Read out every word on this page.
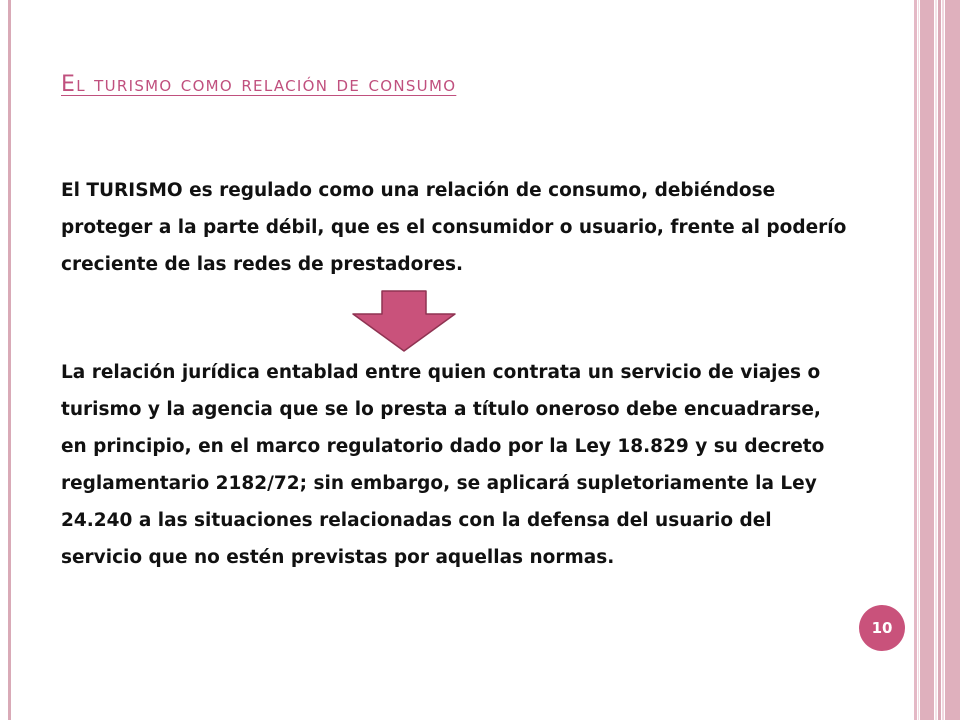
El turismo como relación de consumo

El TURISMO es regulado como una relación de consumo, debiéndose proteger a la parte débil, que es el consumidor o usuario, frente al poderío creciente de las redes de prestadores.

La relación jurídica entablad entre quien contrata un servicio de viajes o turismo y la agencia que se lo presta a título oneroso debe encuadrarse, en principio, en el marco regulatorio dado por la Ley 18.829 y su decreto reglamentario 2182/72; sin embargo, se aplicará supletoriamente la Ley 24.240 a las situaciones relacionadas con la defensa del usuario del servicio que no estén previstas por aquellas normas.

10
